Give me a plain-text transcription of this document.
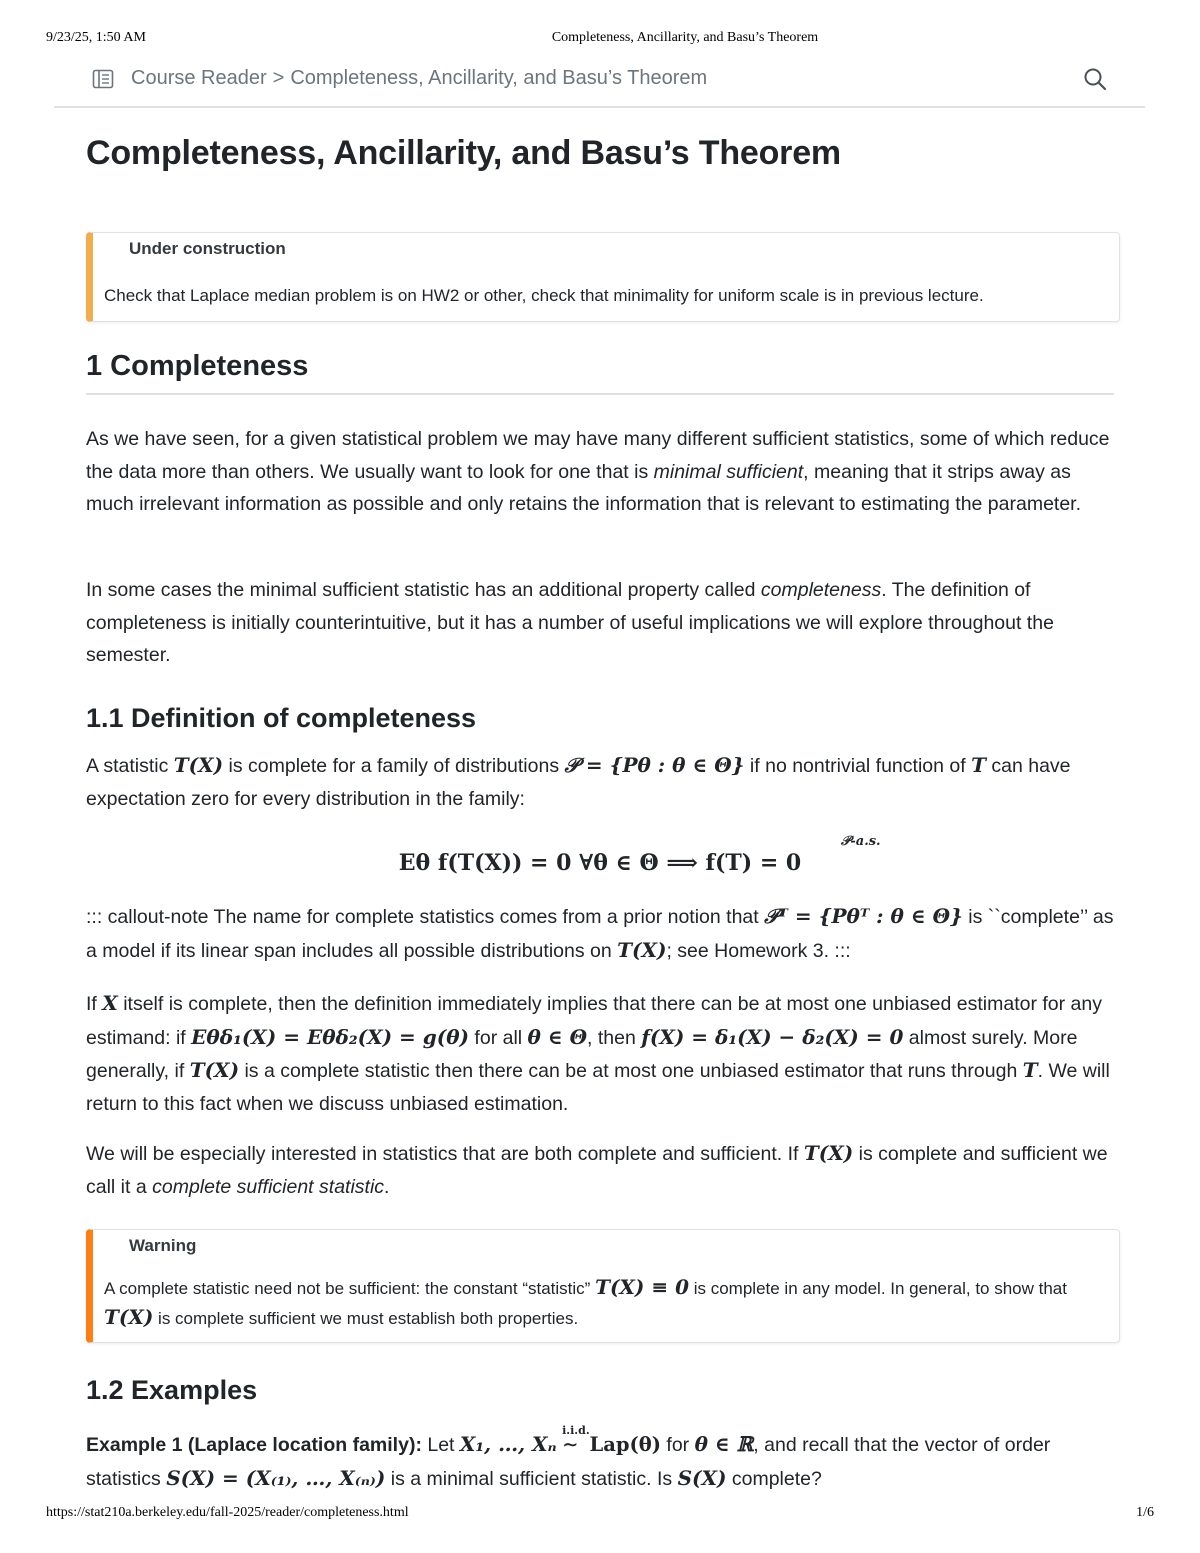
9/23/25, 1:50 AM	Completeness, Ancillarity, and Basu’s Theorem
Course Reader > Completeness, Ancillarity, and Basu’s Theorem
Completeness, Ancillarity, and Basu’s Theorem
Under construction
Check that Laplace median problem is on HW2 or other, check that minimality for uniform scale is in previous lecture.
1 Completeness
As we have seen, for a given statistical problem we may have many different sufficient statistics, some of which reduce the data more than others. We usually want to look for one that is minimal sufficient, meaning that it strips away as much irrelevant information as possible and only retains the information that is relevant to estimating the parameter.
In some cases the minimal sufficient statistic has an additional property called completeness. The definition of completeness is initially counterintuitive, but it has a number of useful implications we will explore throughout the semester.
1.1 Definition of completeness
A statistic T(X) is complete for a family of distributions 𝒫 = {Pθ : θ ∈ Θ} if no nontrivial function of T can have expectation zero for every distribution in the family:
Eθ f(T(X)) = 0 ∀θ ∈ Θ ⟹ f(T) = 0
𝒫-a.s.
::: callout-note The name for complete statistics comes from a prior notion that 𝒫ᵀ = {Pθᵀ : θ ∈ Θ} is ``complete’’ as a model if its linear span includes all possible distributions on T(X); see Homework 3. :::
If X itself is complete, then the definition immediately implies that there can be at most one unbiased estimator for any estimand: if Eθδ₁(X) = Eθδ₂(X) = g(θ) for all θ ∈ Θ, then f(X) = δ₁(X) − δ₂(X) = 0 almost surely. More generally, if T(X) is a complete statistic then there can be at most one unbiased estimator that runs through T. We will return to this fact when we discuss unbiased estimation.
We will be especially interested in statistics that are both complete and sufficient. If T(X) is complete and sufficient we call it a complete sufficient statistic.
Warning
A complete statistic need not be sufficient: the constant “statistic” T(X) ≡ 0 is complete in any model. In general, to show that T(X) is complete sufficient we must establish both properties.
1.2 Examples
Example 1 (Laplace location family): Let X₁, …, Xₙ
i.i.d.
∼ Lap(θ) for θ ∈ ℝ, and recall that the vector of order statistics S(X) = (X₍₁₎, …, X₍ₙ₎) is a minimal sufficient statistic. Is S(X) complete?
https://stat210a.berkeley.edu/fall-2025/reader/completeness.html	1/6
